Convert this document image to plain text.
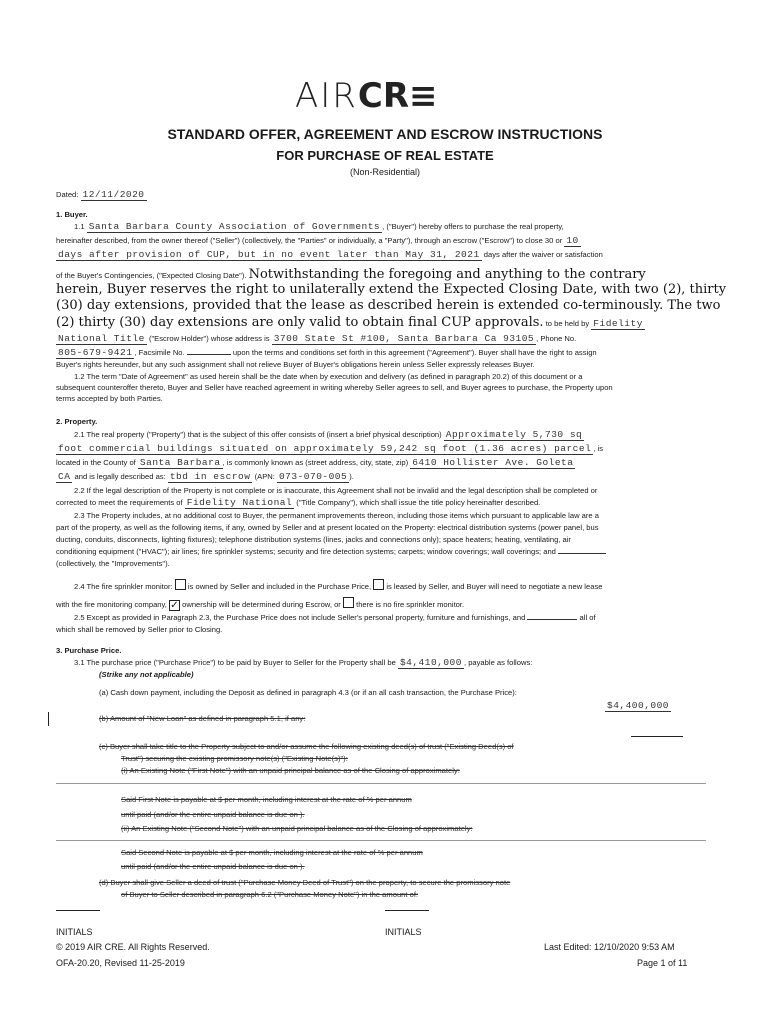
AIRCR≡
STANDARD OFFER, AGREEMENT AND ESCROW INSTRUCTIONS
FOR PURCHASE OF REAL ESTATE
(Non-Residential)
Dated: 12/11/2020
1. Buyer.
1.1 Santa Barbara County Association of Governments , ("Buyer") hereby offers to purchase the real property,
hereinafter described, from the owner thereof ("Seller") (collectively, the "Parties" or individually, a "Party"), through an escrow ("Escrow") to close 30 or 10
days after provision of CUP, but in no event later than May 31, 2021 days after the waiver or satisfaction
of the Buyer's Contingencies, ("Expected Closing Date"). Notwithstanding the foregoing and anything to the contrary
herein, Buyer reserves the right to unilaterally extend the Expected Closing Date, with two (2), thirty
(30) day extensions, provided that the lease as described herein is extended co-terminously. The two
(2) thirty (30) day extensions are only valid to obtain final CUP approvals. to be held by Fidelity
National Title ("Escrow Holder") whose address is 3700 State St #100, Santa Barbara Ca 93105 , Phone No.
805-679-9421 , Facsimile No.	upon the terms and conditions set forth in this agreement ("Agreement"). Buyer shall have the right to assign
Buyer's rights hereunder, but any such assignment shall not relieve Buyer of Buyer's obligations herein unless Seller expressly releases Buyer.
1.2 The term "Date of Agreement" as used herein shall be the date when by execution and delivery (as defined in paragraph 20.2) of this document or a
subsequent counteroffer thereto, Buyer and Seller have reached agreement in writing whereby Seller agrees to sell, and Buyer agrees to purchase, the Property upon
terms accepted by both Parties.
2. Property.
2.1 The real property ("Property") that is the subject of this offer consists of (insert a brief physical description) Approximately 5,730 sq
foot commercial buildings situated on approximately 59,242 sq foot (1.36 acres) parcel , is
located in the County of Santa Barbara , is commonly known as (street address, city, state, zip) 6410 Hollister Ave. Goleta
CA and is legally described as: tbd in escrow (APN: 073-070-005 ).
2.2 If the legal description of the Property is not complete or is inaccurate, this Agreement shall not be invalid and the legal description shall be completed or
corrected to meet the requirements of Fidelity National ("Title Company"), which shall issue the title policy hereinafter described.
2.3 The Property includes, at no additional cost to Buyer, the permanent improvements thereon, including those items which pursuant to applicable law are a
part of the property, as well as the following items, if any, owned by Seller and at present located on the Property: electrical distribution systems (power panel, bus
ducting, conduits, disconnects, lighting fixtures); telephone distribution systems (lines, jacks and connections only); space heaters; heating, ventilating, air
conditioning equipment ("HVAC"); air lines; fire sprinkler systems; security and fire detection systems; carpets; window coverings; wall coverings; and
(collectively, the "Improvements").
2.4 The fire sprinkler monitor: is owned by Seller and included in the Purchase Price, is leased by Seller, and Buyer will need to negotiate a new lease
with the fire monitoring company, ✓ ownership will be determined during Escrow, or there is no fire sprinkler monitor.
2.5 Except as provided in Paragraph 2.3, the Purchase Price does not include Seller's personal property, furniture and furnishings, and	all of
which shall be removed by Seller prior to Closing.
3. Purchase Price.
3.1 The purchase price ("Purchase Price") to be paid by Buyer to Seller for the Property shall be $4,410,000 , payable as follows:
(Strike any not applicable)
(a) Cash down payment, including the Deposit as defined in paragraph 4.3 (or if an all cash transaction, the Purchase Price):
$4,400,000
(b) Amount of "New Loan" as defined in paragraph 5.1, if any:
(c) Buyer shall take title to the Property subject to and/or assume the following existing deed(s) of trust ("Existing Deed(s) of
Trust") securing the existing promissory note(s) ("Existing Note(s)"):
(i) An Existing Note ("First Note") with an unpaid principal balance as of the Closing of approximately:
Said First Note is payable at $ per month, including interest at the rate of % per annum
until paid (and/or the entire unpaid balance is due on ).
(ii) An Existing Note ("Second Note") with an unpaid principal balance as of the Closing of approximately:
Said Second Note is payable at $ per month, including interest at the rate of % per annum
until paid (and/or the entire unpaid balance is due on ).
(d) Buyer shall give Seller a deed of trust ("Purchase Money Deed of Trust") on the property, to secure the promissory note
of Buyer to Seller described in paragraph 6.2 ("Purchase Money Note") in the amount of:
INITIALS	INITIALS
© 2019 AIR CRE. All Rights Reserved.
OFA-20.20, Revised 11-25-2019
Last Edited: 12/10/2020 9:53 AM
Page 1 of 11
